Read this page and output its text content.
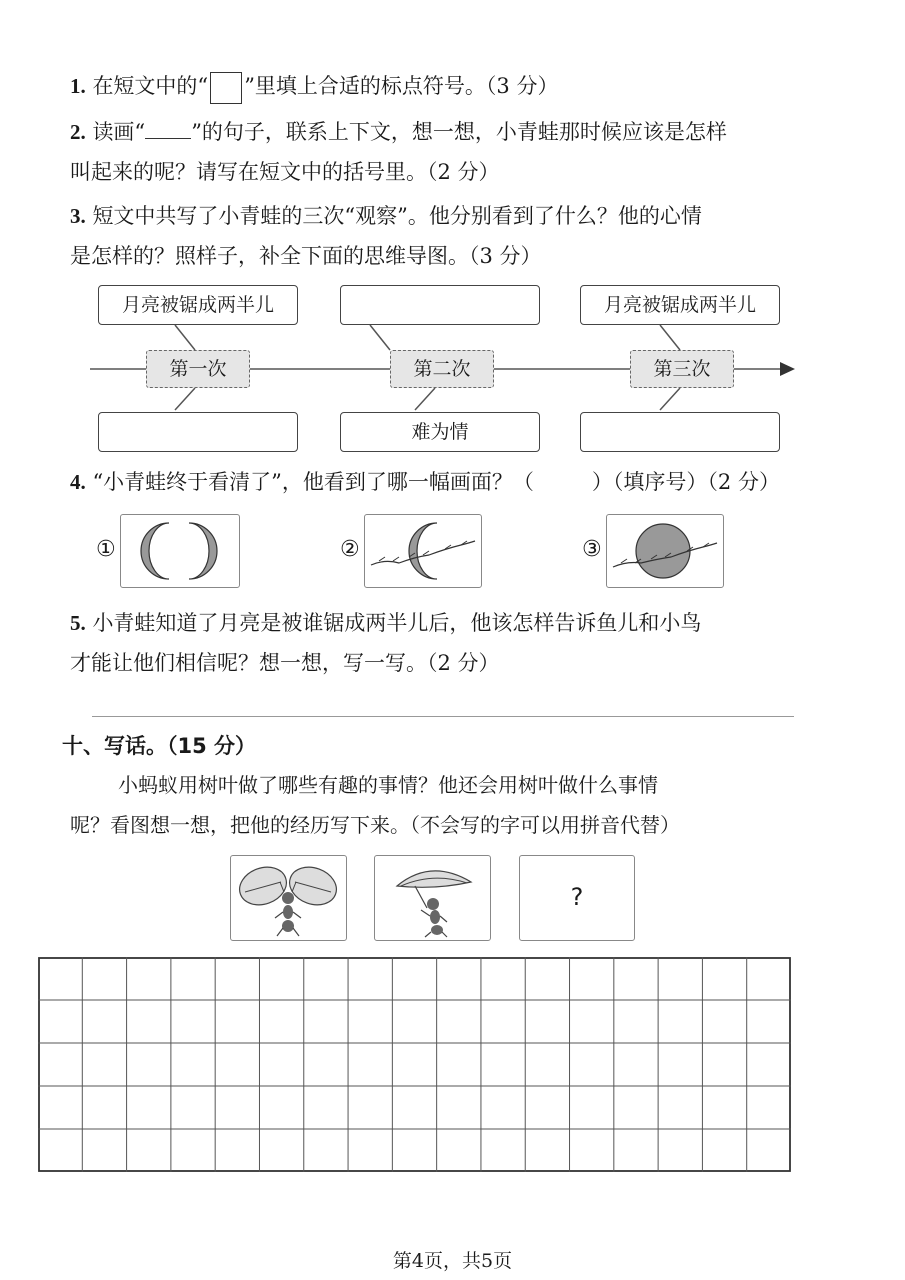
1. 在短文中的“ ”里填上合适的标点符号。（3 分）
2. 读画“ ”的句子，联系上下文，想一想，小青蛙那时候应该是怎样
叫起来的呢？请写在短文中的括号里。（2 分）
3. 短文中共写了小青蛙的三次“观察”。他分别看到了什么？他的心情
是怎样的？照样子，补全下面的思维导图。（3 分）
月亮被锯成两半儿	月亮被锯成两半儿
第一次	第二次	第三次
难为情
4. “小青蛙终于看清了”，他看到了哪一幅画面？（	）（填序号）（2 分）
①	②	③
5. 小青蛙知道了月亮是被谁锯成两半儿后，他该怎样告诉鱼儿和小鸟
才能让他们相信呢？想一想，写一写。（2 分）
十、写话。（15 分）
小蚂蚁用树叶做了哪些有趣的事情？他还会用树叶做什么事情
呢？看图想一想，把他的经历写下来。（不会写的字可以用拼音代替）
?
第4页，共5页
